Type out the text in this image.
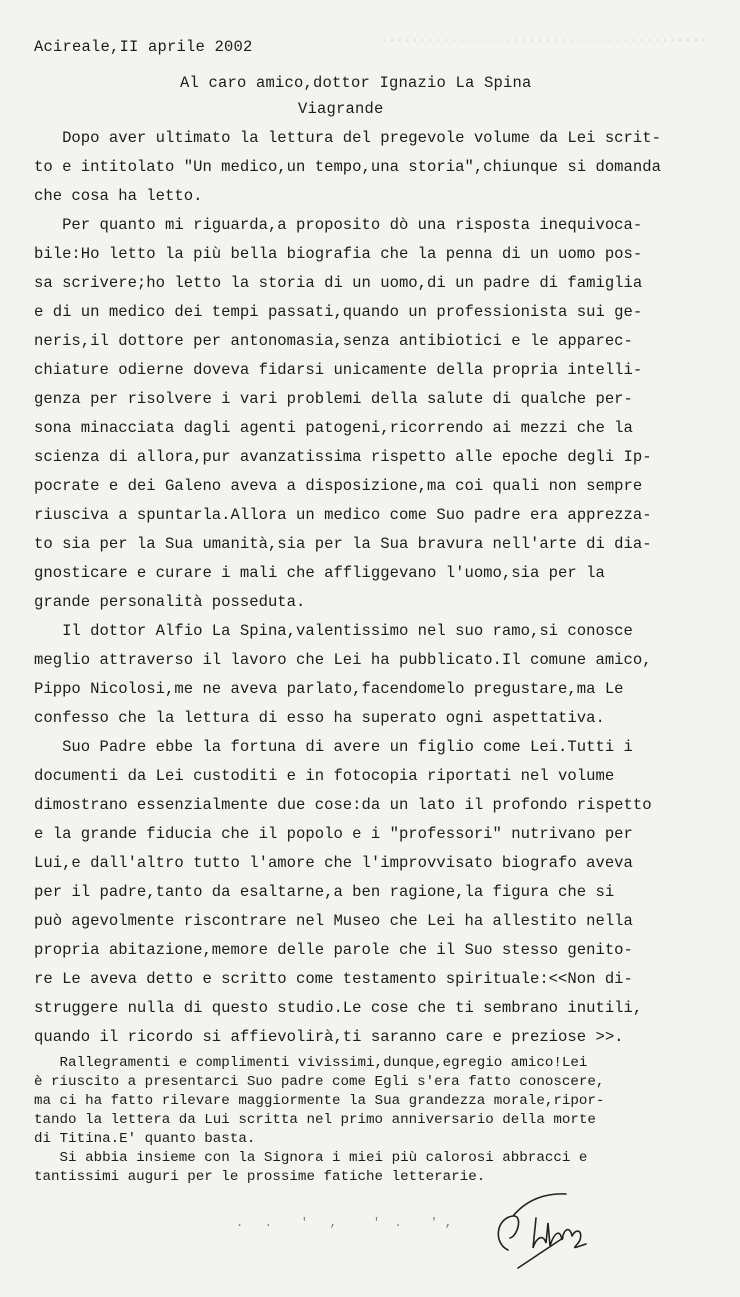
..........................................
Acireale,II aprile 2002
Al caro amico,dottor Ignazio La Spina
Viagrande
Dopo aver ultimato la lettura del pregevole volume da Lei scrit-
to e intitolato "Un medico,un tempo,una storia",chiunque si domanda
che cosa ha letto.
Per quanto mi riguarda,a proposito dò una risposta inequivoca-
bile:Ho letto la più bella biografia che la penna di un uomo pos-
sa scrivere;ho letto la storia di un uomo,di un padre di famiglia
e di un medico dei tempi passati,quando un professionista sui ge-
neris,il dottore per antonomasia,senza antibiotici e le apparec-
chiature odierne doveva fidarsi unicamente della propria intelli-
genza per risolvere i vari problemi della salute di qualche per-
sona minacciata dagli agenti patogeni,ricorrendo ai mezzi che la
scienza di allora,pur avanzatissima rispetto alle epoche degli Ip-
pocrate e dei Galeno aveva a disposizione,ma coi quali non sempre
riusciva a spuntarla.Allora un medico come Suo padre era apprezza-
to sia per la Sua umanità,sia per la Sua bravura nell'arte di dia-
gnosticare e curare i mali che affliggevano l'uomo,sia per la
grande personalità posseduta.
Il dottor Alfio La Spina,valentissimo nel suo ramo,si conosce
meglio attraverso il lavoro che Lei ha pubblicato.Il comune amico,
Pippo Nicolosi,me ne aveva parlato,facendomelo pregustare,ma Le
confesso che la lettura di esso ha superato ogni aspettativa.
Suo Padre ebbe la fortuna di avere un figlio come Lei.Tutti i
documenti da Lei custoditi e in fotocopia riportati nel volume
dimostrano essenzialmente due cose:da un lato il profondo rispetto
e la grande fiducia che il popolo e i "professori" nutrivano per
Lui,e dall'altro tutto l'amore che l'improvvisato biografo aveva
per il padre,tanto da esaltarne,a ben ragione,la figura che si
può agevolmente riscontrare nel Museo che Lei ha allestito nella
propria abitazione,memore delle parole che il Suo stesso genito-
re Le aveva detto e scritto come testamento spirituale:<<Non di-
struggere nulla di questo studio.Le cose che ti sembrano inutili,
quando il ricordo si affievolirà,ti saranno care e preziose >>.
Rallegramenti e complimenti vivissimi,dunque,egregio amico!Lei
è riuscito a presentarci Suo padre come Egli s'era fatto conoscere,
ma ci ha fatto rilevare maggiormente la Sua grandezza morale,ripor-
tando la lettera da Lui scritta nel primo anniversario della morte
di Titina.E' quanto basta.
Si abbia insieme con la Signora i miei più calorosi abbracci e
tantissimi auguri per le prossime fatiche letterarie.
.   .    '   ,     '  .    ' ,
